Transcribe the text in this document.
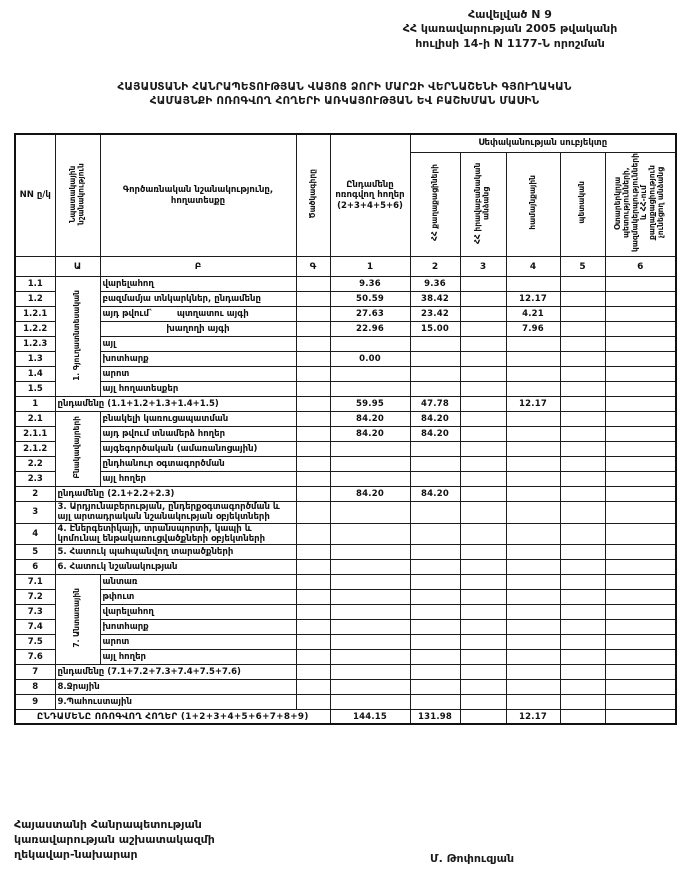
Հավելված N 9
ՀՀ կառավարության 2005 թվականի
հուլիսի 14-ի N 1177-Ն որոշման
ՀԱՅԱՍՏԱՆԻ ՀԱՆՐԱՊԵՏՈՒԹՅԱՆ ՎԱՅՈՑ ՁՈՐԻ ՄԱՐԶԻ ՎԵՐՆԱՇԵՆԻ ԳՅՈՒՂԱԿԱՆ
ՀԱՄԱՅՆՔԻ ՈՌՈԳՎՈՂ ՀՈՂԵՐԻ ԱՌԿԱՅՈՒԹՅԱՆ ԵՎ ԲԱՇԽՄԱՆ ՄԱՍԻՆ
NN ը/կ	Նպատակային նշանակություն	Գործառնական նշանակությունը, հողատեսքը	Ծածկագիրը	Ընդամենը ոռոգվող հողեր (2+3+4+5+6)	Սեփականության սուբյեկտը				
					ՀՀ քաղաքացիների	ՀՀ իրավաբանական անձանց	համայնքային	պետական	Օտարերկրյա պետությունների, կազմակերպությունների և ՀՀ-ում քաղաքացիություն չունեցող անձանց
	Ա	Բ	Գ	1	2	3	4	5	6
1.1	1. Գյուղատնտեսական	վարելահող		9.36	9.36				
1.2		բազմամյա տնկարկներ, ընդամենը		50.59	38.42		12.17		
1.2.1		այդ թվում`        պտղատու այգի		27.63	23.42		4.21		
1.2.2		խաղողի այգի		22.96	15.00		7.96		
1.2.3		այլ							
1.3		խոտհարք		0.00					
1.4		արոտ							
1.5		այլ հողատեսքեր							
1	ընդամենը (1.1+1.2+1.3+1.4+1.5)			59.95	47.78		12.17		
2.1	Բնակավայրերի	բնակելի կառուցապատման		84.20	84.20				
2.1.1		այդ թվում տնամերձ հողեր		84.20	84.20				
2.1.2		այգեգործական (ամառանոցային)							
2.2		ընդհանուր օգտագործման							
2.3		այլ հողեր							
2	ընդամենը (2.1+2.2+2.3)			84.20	84.20				
3	3. Արդյունաբերության, ընդերքօգտագործման և այլ արտադրական նշանակության օբյեկտների								
4	4. Էներգետիկայի, տրանսպորտի, կապի և կոմունալ ենթակառուցվածքների օբյեկտների								
5	5. Հատուկ պահպանվող տարածքների								
6	6. Հատուկ նշանակության								
7.1	7. Անտառային	անտառ							
7.2		թփուտ							
7.3		վարելահող							
7.4		խոտհարք							
7.5		արոտ							
7.6		այլ հողեր							
7	ընդամենը (7.1+7.2+7.3+7.4+7.5+7.6)								
8	8.Ջրային								
9	9.Պահուստային								
ԸՆԴԱՄԵՆԸ ՈՌՈԳՎՈՂ ՀՈՂԵՐ (1+2+3+4+5+6+7+8+9)				144.15	131.98		12.17		
Հայաստանի Հանրապետության
կառավարության աշխատակազմի
ղեկավար-նախարար	Մ. Թոփուզյան
